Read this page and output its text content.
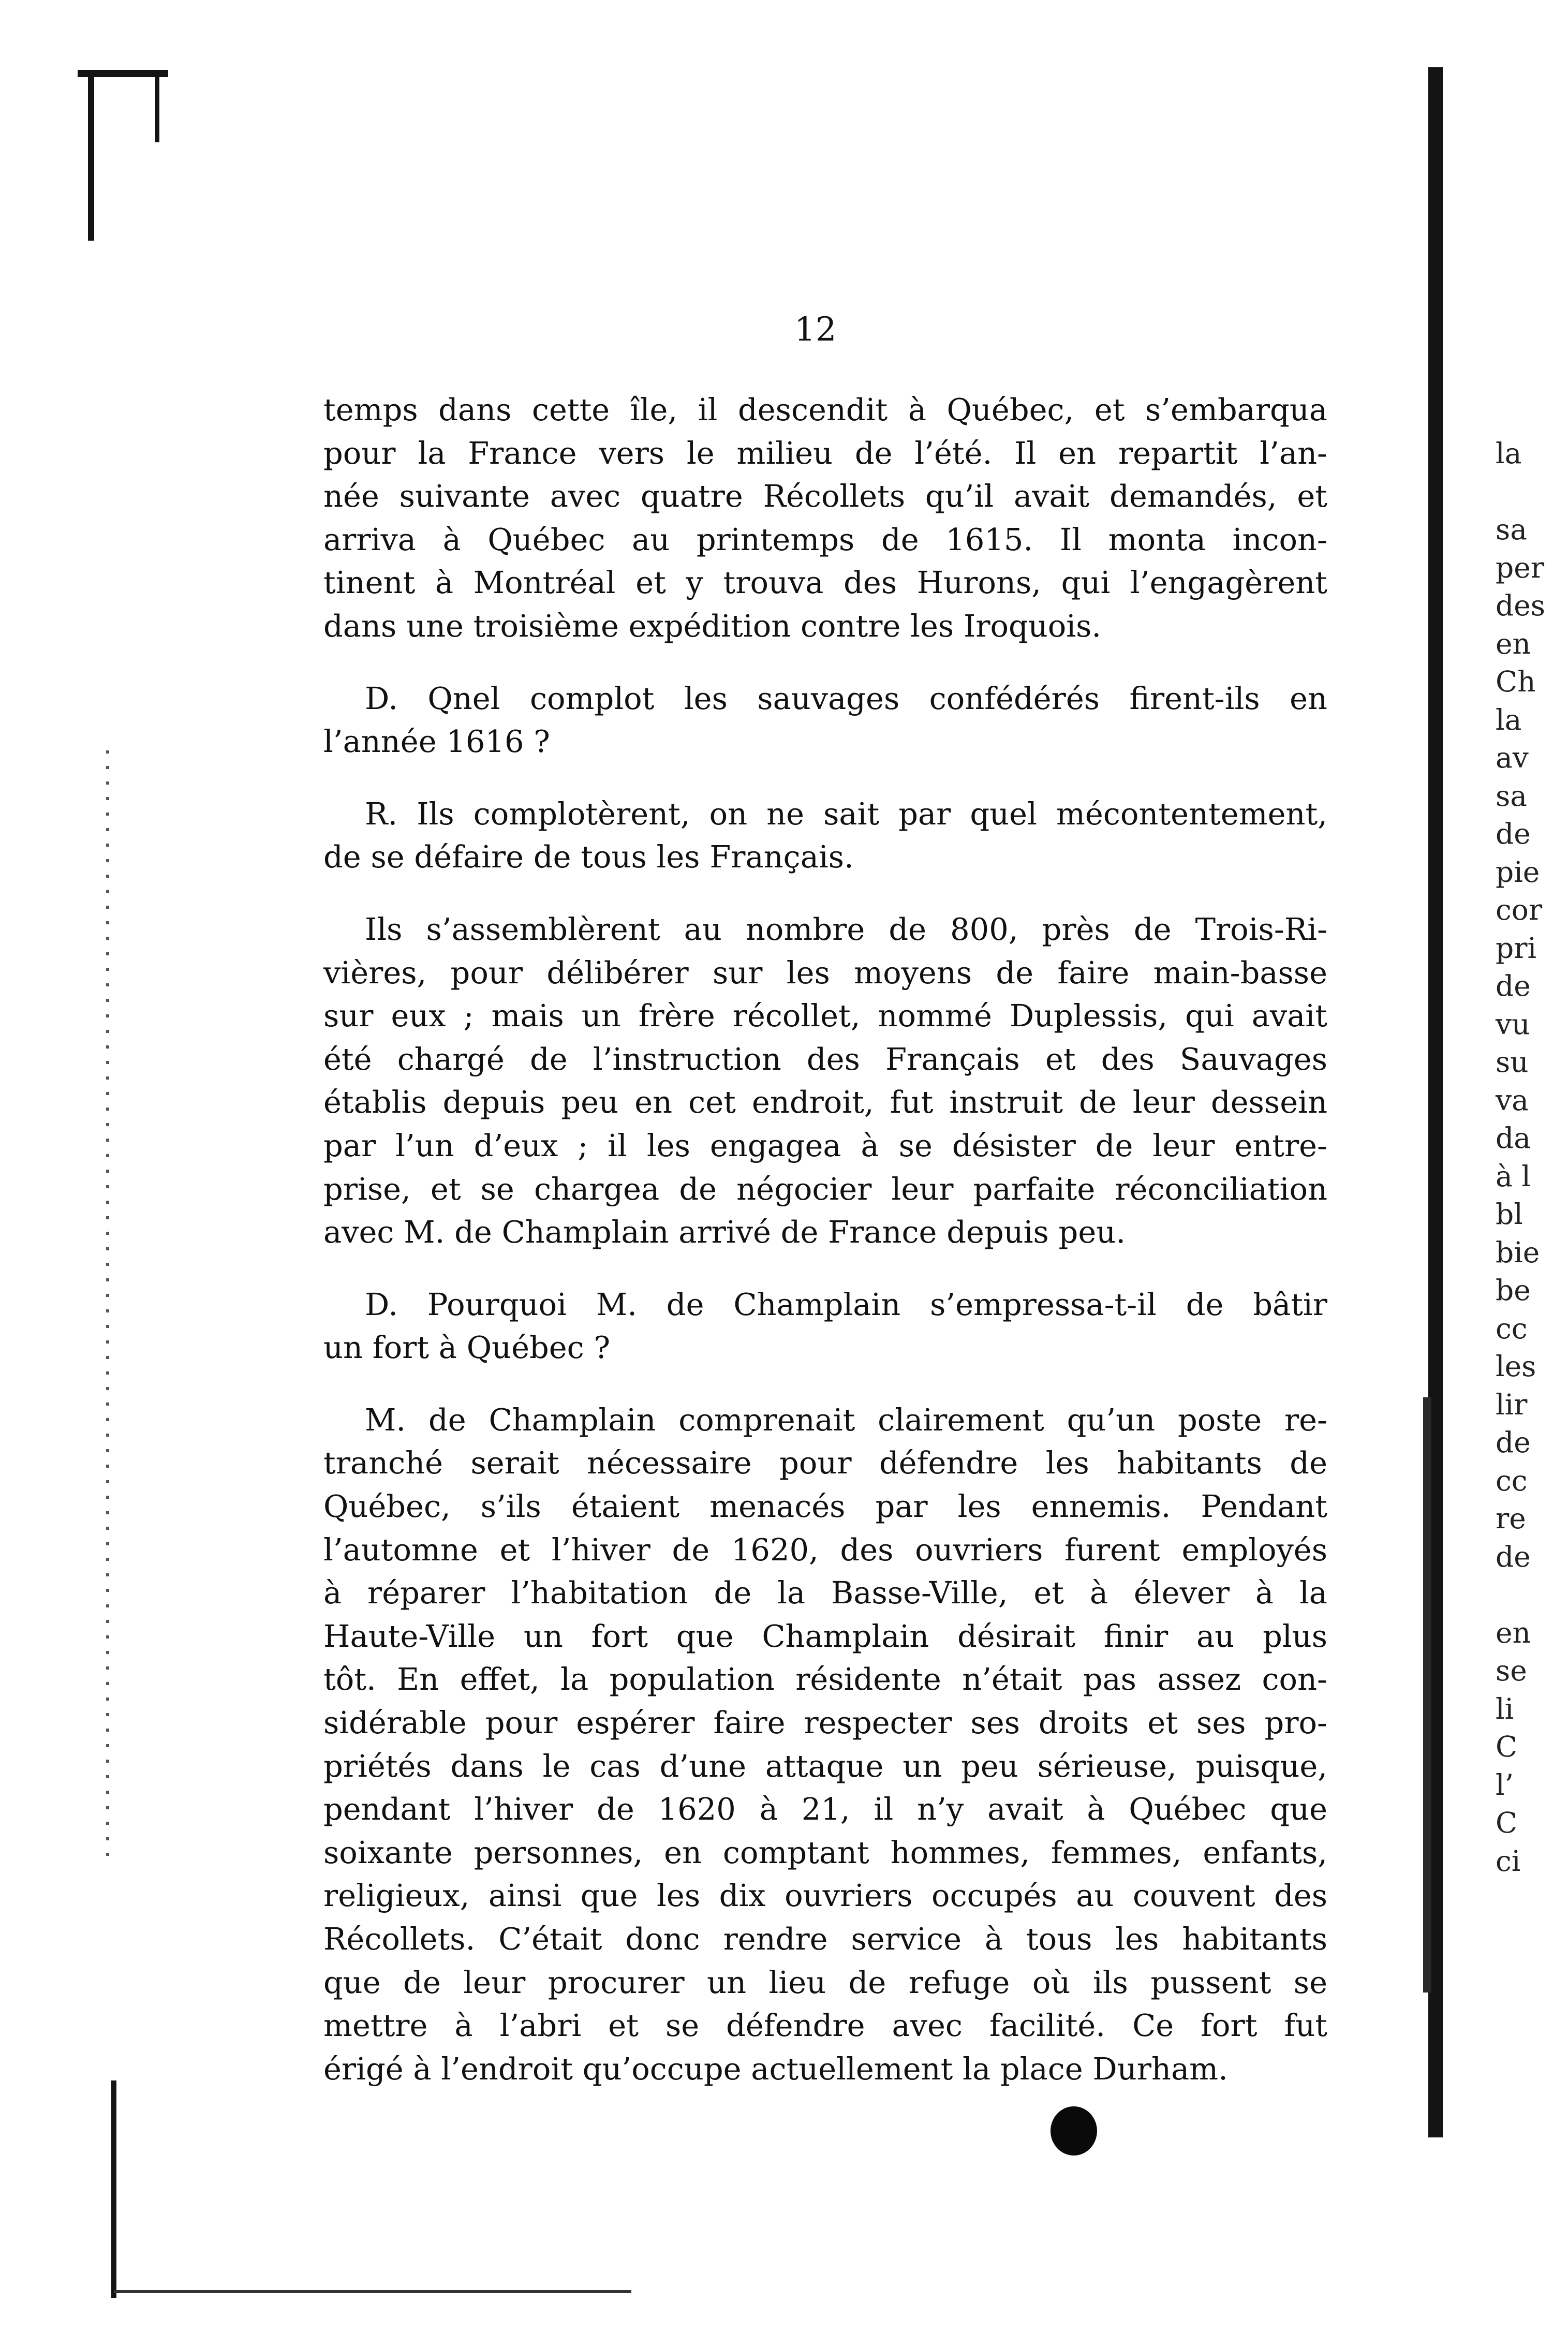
12
temps dans cette île, il descendit à Québec, et s’embarqua
pour la France vers le milieu de l’été. Il en repartit l’an-
née suivante avec quatre Récollets qu’il avait demandés, et
arriva à Québec au printemps de 1615. Il monta incon-
tinent à Montréal et y trouva des Hurons, qui l’engagèrent
dans une troisième expédition contre les Iroquois.
D. Qnel complot les sauvages confédérés firent-ils en
l’année 1616 ?
R. Ils complotèrent, on ne sait par quel mécontentement,
de se défaire de tous les Français.
Ils s’assemblèrent au nombre de 800, près de Trois-Ri-
vières, pour délibérer sur les moyens de faire main-basse
sur eux ; mais un frère récollet, nommé Duplessis, qui avait
été chargé de l’instruction des Français et des Sauvages
établis depuis peu en cet endroit, fut instruit de leur dessein
par l’un d’eux ; il les engagea à se désister de leur entre-
prise, et se chargea de négocier leur parfaite réconciliation
avec M. de Champlain arrivé de France depuis peu.
D. Pourquoi M. de Champlain s’empressa-t-il de bâtir
un fort à Québec ?
M. de Champlain comprenait clairement qu’un poste re-
tranché serait nécessaire pour défendre les habitants de
Québec, s’ils étaient menacés par les ennemis. Pendant
l’automne et l’hiver de 1620, des ouvriers furent employés
à réparer l’habitation de la Basse-Ville, et à élever à la
Haute-Ville un fort que Champlain désirait finir au plus
tôt. En effet, la population résidente n’était pas assez con-
sidérable pour espérer faire respecter ses droits et ses pro-
priétés dans le cas d’une attaque un peu sérieuse, puisque,
pendant l’hiver de 1620 à 21, il n’y avait à Québec que
soixante personnes, en comptant hommes, femmes, enfants,
religieux, ainsi que les dix ouvriers occupés au couvent des
Récollets. C’était donc rendre service à tous les habitants
que de leur procurer un lieu de refuge où ils pussent se
mettre à l’abri et se défendre avec facilité. Ce fort fut
érigé à l’endroit qu’occupe actuellement la place Durham.
la

sa
per
des
en
Ch
la
av
sa
de
pie
cor
pri
de
vu
su
va
da
à l
bl
bie
be
cc
les
lir
de
cc
re
de

en
se
li
C
l’
C
ci
